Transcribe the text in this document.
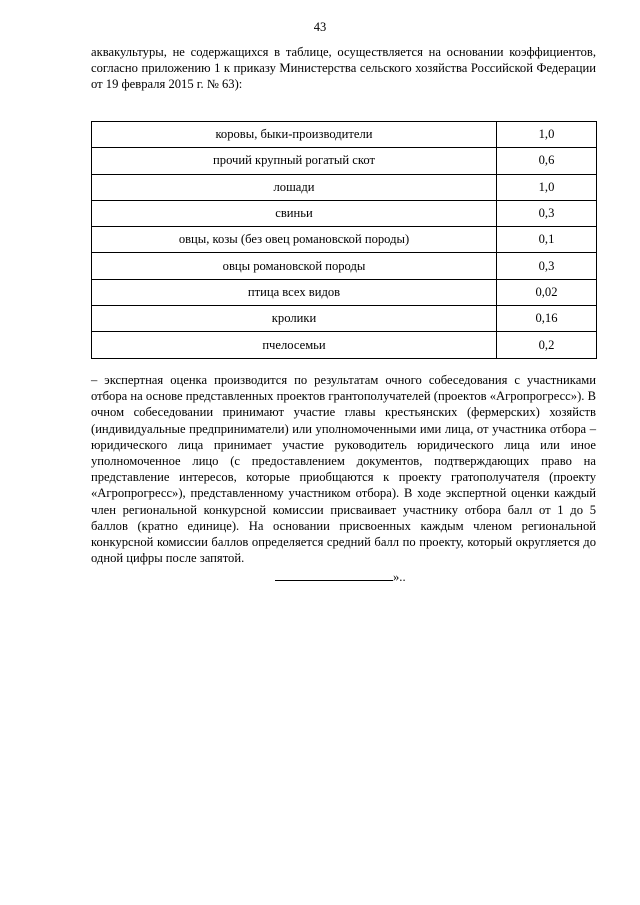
43

аквакультуры, не содержащихся в таблице, осуществляется на основании коэффициентов, согласно приложению 1 к приказу Министерства сельского хозяйства Российской Федерации от 19 февраля 2015 г. № 63):

коровы, быки-производители	1,0
прочий крупный рогатый скот	0,6
лошади	1,0
свиньи	0,3
овцы, козы (без овец романовской породы)	0,1
овцы романовской породы	0,3
птица всех видов	0,02
кролики	0,16
пчелосемьи	0,2

– экспертная оценка производится по результатам очного собеседования с участниками отбора на основе представленных проектов грантополучателей (проектов «Агропрогресс»). В очном собеседовании принимают участие главы крестьянских (фермерских) хозяйств (индивидуальные предприниматели) или уполномоченными ими лица, от участника отбора – юридического лица принимает участие руководитель юридического лица или иное уполномоченное лицо (с предоставлением документов, подтверждающих право на представление интересов, которые приобщаются к проекту гратополучателя (проекту «Агропрогресс»), представленному участником отбора). В ходе экспертной оценки каждый член региональной конкурсной комиссии присваивает участнику отбора балл от 1 до 5 баллов (кратно единице). На основании присвоенных каждым членом региональной конкурсной комиссии баллов определяется средний балл по проекту, который округляется до одной цифры после запятой.

»..
